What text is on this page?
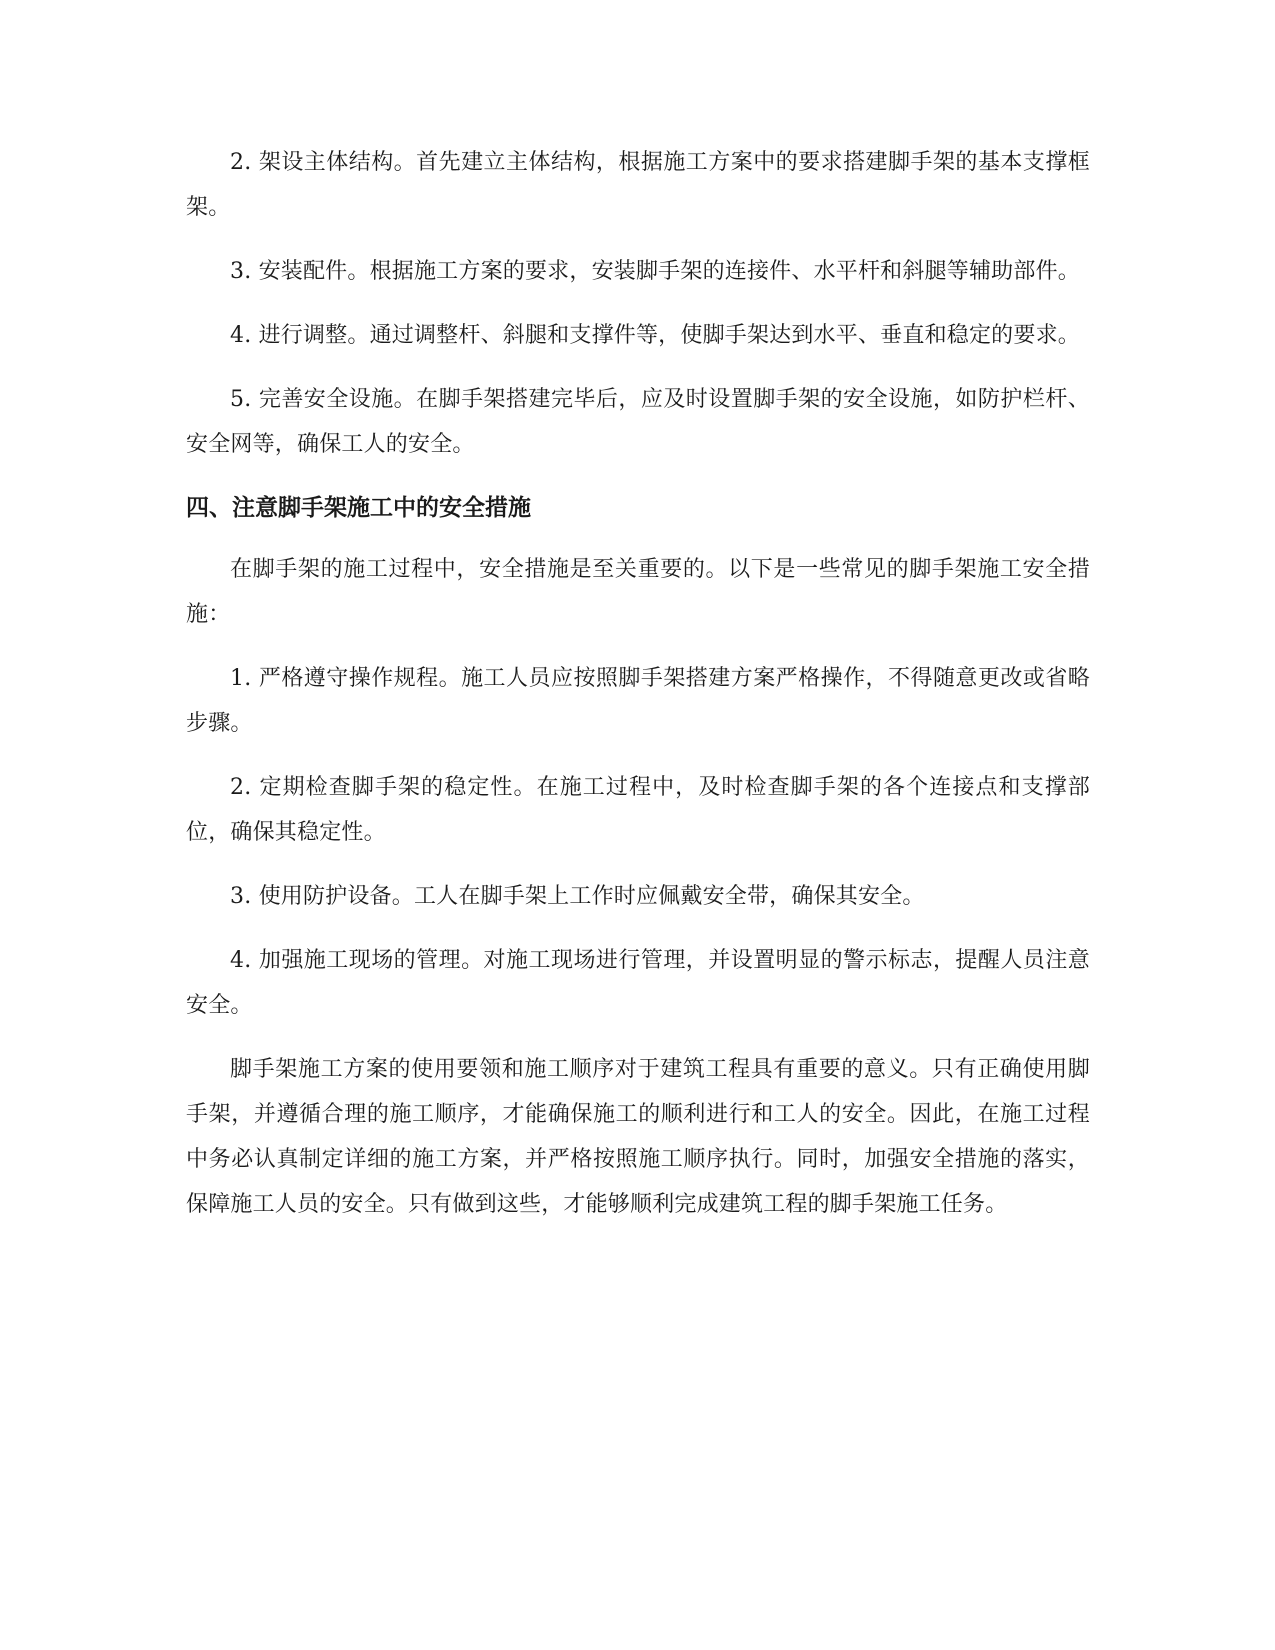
2. 架设主体结构。首先建立主体结构，根据施工方案中的要求搭建脚手架的基本支撑框架。

3. 安装配件。根据施工方案的要求，安装脚手架的连接件、水平杆和斜腿等辅助部件。

4. 进行调整。通过调整杆、斜腿和支撑件等，使脚手架达到水平、垂直和稳定的要求。

5. 完善安全设施。在脚手架搭建完毕后，应及时设置脚手架的安全设施，如防护栏杆、安全网等，确保工人的安全。

四、注意脚手架施工中的安全措施

在脚手架的施工过程中，安全措施是至关重要的。以下是一些常见的脚手架施工安全措施：

1. 严格遵守操作规程。施工人员应按照脚手架搭建方案严格操作，不得随意更改或省略步骤。

2. 定期检查脚手架的稳定性。在施工过程中，及时检查脚手架的各个连接点和支撑部位，确保其稳定性。

3. 使用防护设备。工人在脚手架上工作时应佩戴安全带，确保其安全。

4. 加强施工现场的管理。对施工现场进行管理，并设置明显的警示标志，提醒人员注意安全。

脚手架施工方案的使用要领和施工顺序对于建筑工程具有重要的意义。只有正确使用脚手架，并遵循合理的施工顺序，才能确保施工的顺利进行和工人的安全。因此，在施工过程中务必认真制定详细的施工方案，并严格按照施工顺序执行。同时，加强安全措施的落实，保障施工人员的安全。只有做到这些，才能够顺利完成建筑工程的脚手架施工任务。
